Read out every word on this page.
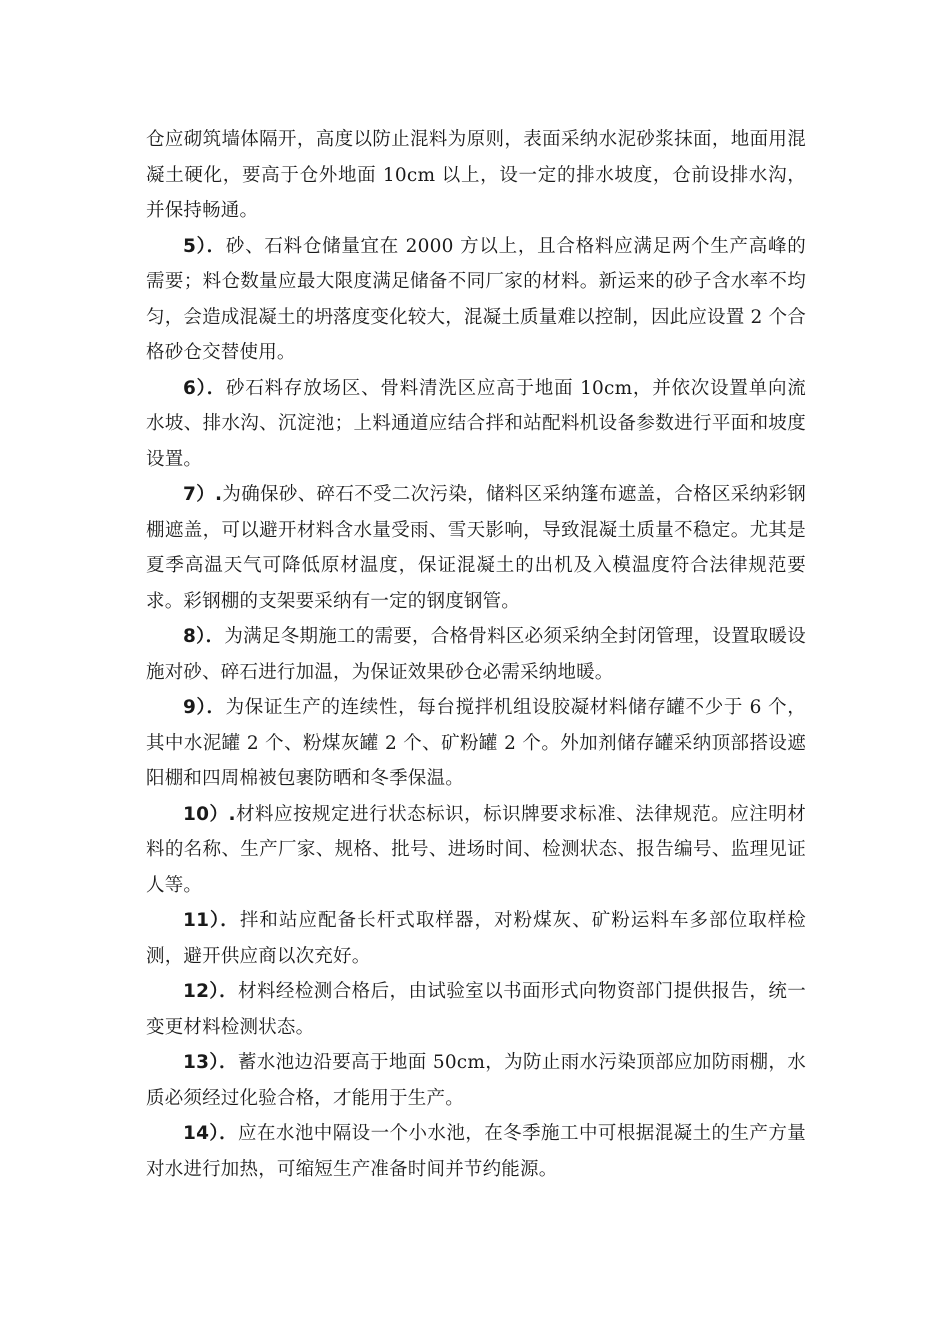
仓应砌筑墙体隔开，高度以防止混料为原则，表面采纳水泥砂浆抹面，地面用混凝土硬化，要高于仓外地面 10cm 以上，设一定的排水坡度，仓前设排水沟，并保持畅通。

5）．砂、石料仓储量宜在 2000 方以上，且合格料应满足两个生产高峰的需要；料仓数量应最大限度满足储备不同厂家的材料。新运来的砂子含水率不均匀，会造成混凝土的坍落度变化较大，混凝土质量难以控制，因此应设置 2 个合格砂仓交替使用。

6）．砂石料存放场区、骨料清洗区应高于地面 10cm，并依次设置单向流水坡、排水沟、沉淀池；上料通道应结合拌和站配料机设备参数进行平面和坡度设置。

7）.为确保砂、碎石不受二次污染，储料区采纳篷布遮盖，合格区采纳彩钢棚遮盖，可以避开材料含水量受雨、雪天影响，导致混凝土质量不稳定。尤其是夏季高温天气可降低原材温度，保证混凝土的出机及入模温度符合法律规范要求。彩钢棚的支架要采纳有一定的钢度钢管。

8）．为满足冬期施工的需要，合格骨料区必须采纳全封闭管理，设置取暖设施对砂、碎石进行加温，为保证效果砂仓必需采纳地暖。

9）．为保证生产的连续性，每台搅拌机组设胶凝材料储存罐不少于 6 个，其中水泥罐 2 个、粉煤灰罐 2 个、矿粉罐 2 个。外加剂储存罐采纳顶部搭设遮阳棚和四周棉被包裹防晒和冬季保温。

10）.材料应按规定进行状态标识，标识牌要求标准、法律规范。应注明材料的名称、生产厂家、规格、批号、进场时间、检测状态、报告编号、监理见证人等。

11）．拌和站应配备长杆式取样器，对粉煤灰、矿粉运料车多部位取样检测，避开供应商以次充好。

12）．材料经检测合格后，由试验室以书面形式向物资部门提供报告，统一变更材料检测状态。

13）．蓄水池边沿要高于地面 50cm，为防止雨水污染顶部应加防雨棚，水质必须经过化验合格，才能用于生产。

14）．应在水池中隔设一个小水池，在冬季施工中可根据混凝土的生产方量对水进行加热，可缩短生产准备时间并节约能源。
